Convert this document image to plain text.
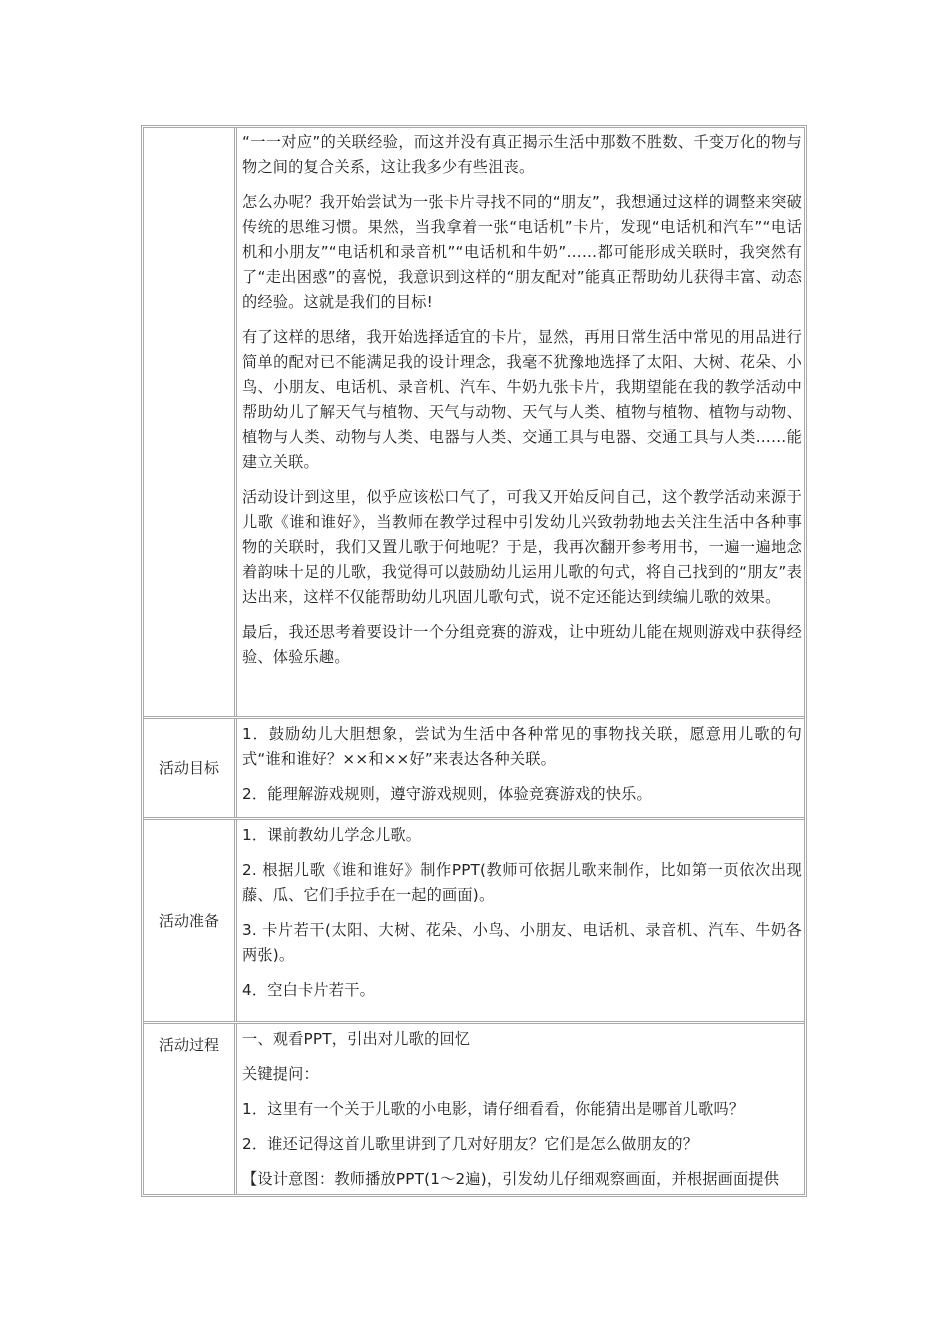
“一一对应”的关联经验，而这并没有真正揭示生活中那数不胜数、千变万化的物与物之间的复合关系，这让我多少有些沮丧。

怎么办呢？我开始尝试为一张卡片寻找不同的“朋友”，我想通过这样的调整来突破传统的思维习惯。果然，当我拿着一张“电话机”卡片，发现“电话机和汽车”“电话机和小朋友”“电话机和录音机”“电话机和牛奶”……都可能形成关联时，我突然有了“走出困惑”的喜悦，我意识到这样的“朋友配对”能真正帮助幼儿获得丰富、动态的经验。这就是我们的目标!

有了这样的思绪，我开始选择适宜的卡片，显然，再用日常生活中常见的用品进行简单的配对已不能满足我的设计理念，我毫不犹豫地选择了太阳、大树、花朵、小鸟、小朋友、电话机、录音机、汽车、牛奶九张卡片，我期望能在我的教学活动中帮助幼儿了解天气与植物、天气与动物、天气与人类、植物与植物、植物与动物、植物与人类、动物与人类、电器与人类、交通工具与电器、交通工具与人类……能建立关联。

活动设计到这里，似乎应该松口气了，可我又开始反问自己，这个教学活动来源于儿歌《谁和谁好》，当教师在教学过程中引发幼儿兴致勃勃地去关注生活中各种事物的关联时，我们又置儿歌于何地呢？于是，我再次翻开参考用书，一遍一遍地念着韵味十足的儿歌，我觉得可以鼓励幼儿运用儿歌的句式，将自己找到的“朋友”表达出来，这样不仅能帮助幼儿巩固儿歌句式，说不定还能达到续编儿歌的效果。

最后，我还思考着要设计一个分组竞赛的游戏，让中班幼儿能在规则游戏中获得经验、体验乐趣。

活动目标

1．鼓励幼儿大胆想象，尝试为生活中各种常见的事物找关联，愿意用儿歌的句式“谁和谁好？××和××好”来表达各种关联。

2．能理解游戏规则，遵守游戏规则，体验竞赛游戏的快乐。

活动准备

1．课前教幼儿学念儿歌。

2. 根据儿歌《谁和谁好》制作PPT(教师可依据儿歌来制作，比如第一页依次出现藤、瓜、它们手拉手在一起的画面)。

3. 卡片若干(太阳、大树、花朵、小鸟、小朋友、电话机、录音机、汽车、牛奶各两张)。

4．空白卡片若干。

活动过程	一、观看PPT，引出对儿歌的回忆

关键提问：

1．这里有一个关于儿歌的小电影，请仔细看看，你能猜出是哪首儿歌吗？

2．谁还记得这首儿歌里讲到了几对好朋友？它们是怎么做朋友的？

【设计意图：教师播放PPT(1～2遍)，引发幼儿仔细观察画面，并根据画面提供
